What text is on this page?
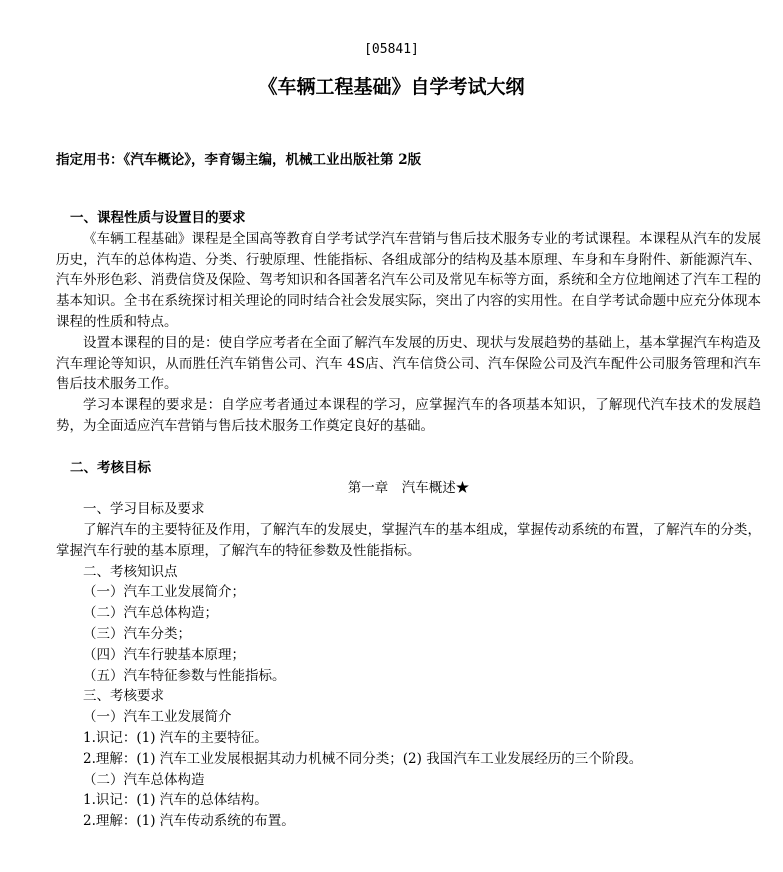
[05841]
《车辆工程基础》自学考试大纲
指定用书：《汽车概论》，李育锡主编，机械工业出版社第 2版
一、课程性质与设置目的要求
《车辆工程基础》课程是全国高等教育自学考试学汽车营销与售后技术服务专业的考试课程。本课程从汽车的发展历史，汽车的总体构造、分类、行驶原理、性能指标、各组成部分的结构及基本原理、车身和车身附件、新能源汽车、汽车外形色彩、消费信贷及保险、驾考知识和各国著名汽车公司及常见车标等方面，系统和全方位地阐述了汽车工程的基本知识。全书在系统探讨相关理论的同时结合社会发展实际，突出了内容的实用性。在自学考试命题中应充分体现本课程的性质和特点。
设置本课程的目的是：使自学应考者在全面了解汽车发展的历史、现状与发展趋势的基础上，基本掌握汽车构造及汽车理论等知识，从而胜任汽车销售公司、汽车 4S店、汽车信贷公司、汽车保险公司及汽车配件公司服务管理和汽车售后技术服务工作。
学习本课程的要求是：自学应考者通过本课程的学习，应掌握汽车的各项基本知识，了解现代汽车技术的发展趋势，为全面适应汽车营销与售后技术服务工作奠定良好的基础。
二、考核目标
第一章　汽车概述★
一、学习目标及要求
了解汽车的主要特征及作用，了解汽车的发展史，掌握汽车的基本组成，掌握传动系统的布置，了解汽车的分类，掌握汽车行驶的基本原理，了解汽车的特征参数及性能指标。
二、考核知识点
（一）汽车工业发展简介；
（二）汽车总体构造；
（三）汽车分类；
（四）汽车行驶基本原理；
（五）汽车特征参数与性能指标。
三、考核要求
（一）汽车工业发展简介
1.识记：(1) 汽车的主要特征。
2.理解：(1) 汽车工业发展根据其动力机械不同分类；(2) 我国汽车工业发展经历的三个阶段。
（二）汽车总体构造
1.识记：(1) 汽车的总体结构。
2.理解：(1) 汽车传动系统的布置。
